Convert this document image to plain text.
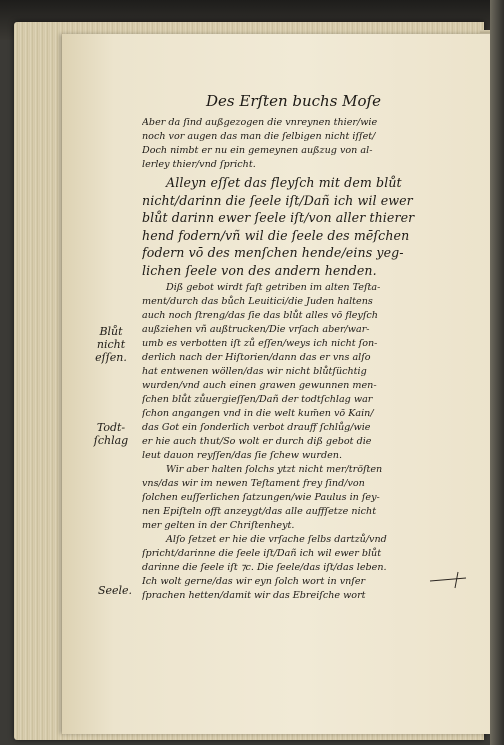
Des Erſten buchs Moſe
Aber da ſind außgezogen die vnreynen thier/wie
noch vor augen das man die ſelbigen nicht iſſet/
Doch nimbt er nu ein gemeynen außzug von al-
lerley thier/vnd ſpricht.
Alleyn eſſet das fleyſch mit dem blůt
nicht/darinn die ſeele iſt/Dañ ich wil ewer
blůt darinn ewer ſeele iſt/von aller thierer
hend fodern/vñ wil die ſeele des mēſchen
fodern vō des menſchen hende/eins yeg-
lichen ſeele von des andern henden.
Diß gebot wirdt faſt getriben im alten Teſta-
ment/durch das bůch Leuitici/die Juden haltens
auch noch ſtreng/das ſie das blůt alles vō fleyſch
außziehen vñ außtrucken/Die vrſach aber/war-
umb es verbotten iſt zů eſſen/weys ich nicht ſon-
derlich nach der Hiſtorien/dann das er vns alſo
hat entwenen wöllen/das wir nicht blůtſüchtig
wurden/vnd auch einen grawen gewunnen men-
ſchen blůt zůuergieſſen/Dañ der todtſchlag war
ſchon angangen vnd in die welt kum̄en vō Kain/
das Got ein ſonderlich verbot drauff ſchlůg/wie
er hie auch thut/So wolt er durch diß gebot die
leut dauon reyſſen/das ſie ſchew wurden.
Wir aber halten ſolchs ytzt nicht mer/tröſten
vns/das wir im newen Teſtament frey ſind/von
ſolchen euſſerlichen ſatzungen/wie Paulus in ſey-
nen Epiſteln offt anzeygt/das alle auffſetze nicht
mer gelten in der Chriſtenheyt.
Alſo ſetzet er hie die vrſache ſelbs dartzů/vnd
ſpricht/darinne die ſeele iſt/Dañ ich wil ewer blůt
darinne die ſeele iſt ⁊c. Die ſeele/das iſt/das leben.
Ich wolt gerne/das wir eyn ſolch wort in vnſer
ſprachen hetten/damit wir das Ebreiſche wort
Blůt
nicht
eſſen.
Todt-
ſchlag
Seele.
